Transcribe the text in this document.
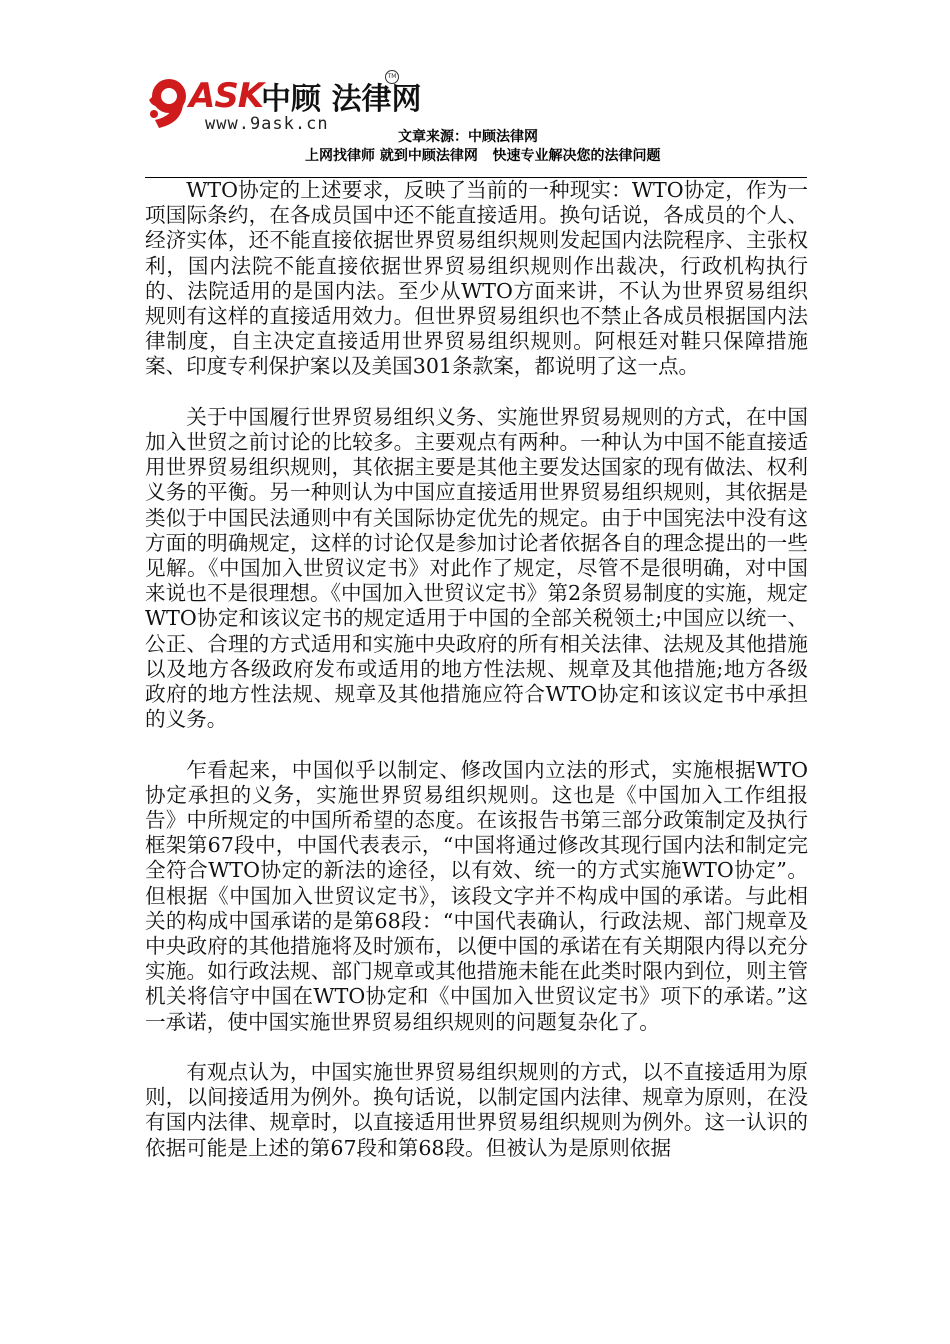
ASK
中顾 法律网
TM
www.9ask.cn
文章来源：中顾法律网
上网找律师 就到中顾法律网   快速专业解决您的法律问题

WTO协定的上述要求，反映了当前的一种现实：WTO协定，作为一项国际条约，在各成员国中还不能直接适用。换句话说，各成员的个人、经济实体，还不能直接依据世界贸易组织规则发起国内法院程序、主张权利，国内法院不能直接依据世界贸易组织规则作出裁决，行政机构执行的、法院适用的是国内法。至少从WTO方面来讲，不认为世界贸易组织规则有这样的直接适用效力。但世界贸易组织也不禁止各成员根据国内法律制度，自主决定直接适用世界贸易组织规则。阿根廷对鞋只保障措施案、印度专利保护案以及美国301条款案，都说明了这一点。

关于中国履行世界贸易组织义务、实施世界贸易规则的方式，在中国加入世贸之前讨论的比较多。主要观点有两种。一种认为中国不能直接适用世界贸易组织规则，其依据主要是其他主要发达国家的现有做法、权利义务的平衡。另一种则认为中国应直接适用世界贸易组织规则，其依据是类似于中国民法通则中有关国际协定优先的规定。由于中国宪法中没有这方面的明确规定，这样的讨论仅是参加讨论者依据各自的理念提出的一些见解。《中国加入世贸议定书》对此作了规定，尽管不是很明确，对中国来说也不是很理想。《中国加入世贸议定书》第2条贸易制度的实施，规定WTO协定和该议定书的规定适用于中国的全部关税领土;中国应以统一、公正、合理的方式适用和实施中央政府的所有相关法律、法规及其他措施以及地方各级政府发布或适用的地方性法规、规章及其他措施;地方各级政府的地方性法规、规章及其他措施应符合WTO协定和该议定书中承担的义务。

乍看起来，中国似乎以制定、修改国内立法的形式，实施根据WTO协定承担的义务，实施世界贸易组织规则。这也是《中国加入工作组报告》中所规定的中国所希望的态度。在该报告书第三部分政策制定及执行框架第67段中，中国代表表示，“中国将通过修改其现行国内法和制定完全符合WTO协定的新法的途径，以有效、统一的方式实施WTO协定”。但根据《中国加入世贸议定书》，该段文字并不构成中国的承诺。与此相关的构成中国承诺的是第68段：“中国代表确认，行政法规、部门规章及中央政府的其他措施将及时颁布，以便中国的承诺在有关期限内得以充分实施。如行政法规、部门规章或其他措施未能在此类时限内到位，则主管机关将信守中国在WTO协定和《中国加入世贸议定书》项下的承诺。”这一承诺，使中国实施世界贸易组织规则的问题复杂化了。

有观点认为，中国实施世界贸易组织规则的方式，以不直接适用为原则，以间接适用为例外。换句话说，以制定国内法律、规章为原则，在没有国内法律、规章时，以直接适用世界贸易组织规则为例外。这一认识的依据可能是上述的第67段和第68段。但被认为是原则依据
